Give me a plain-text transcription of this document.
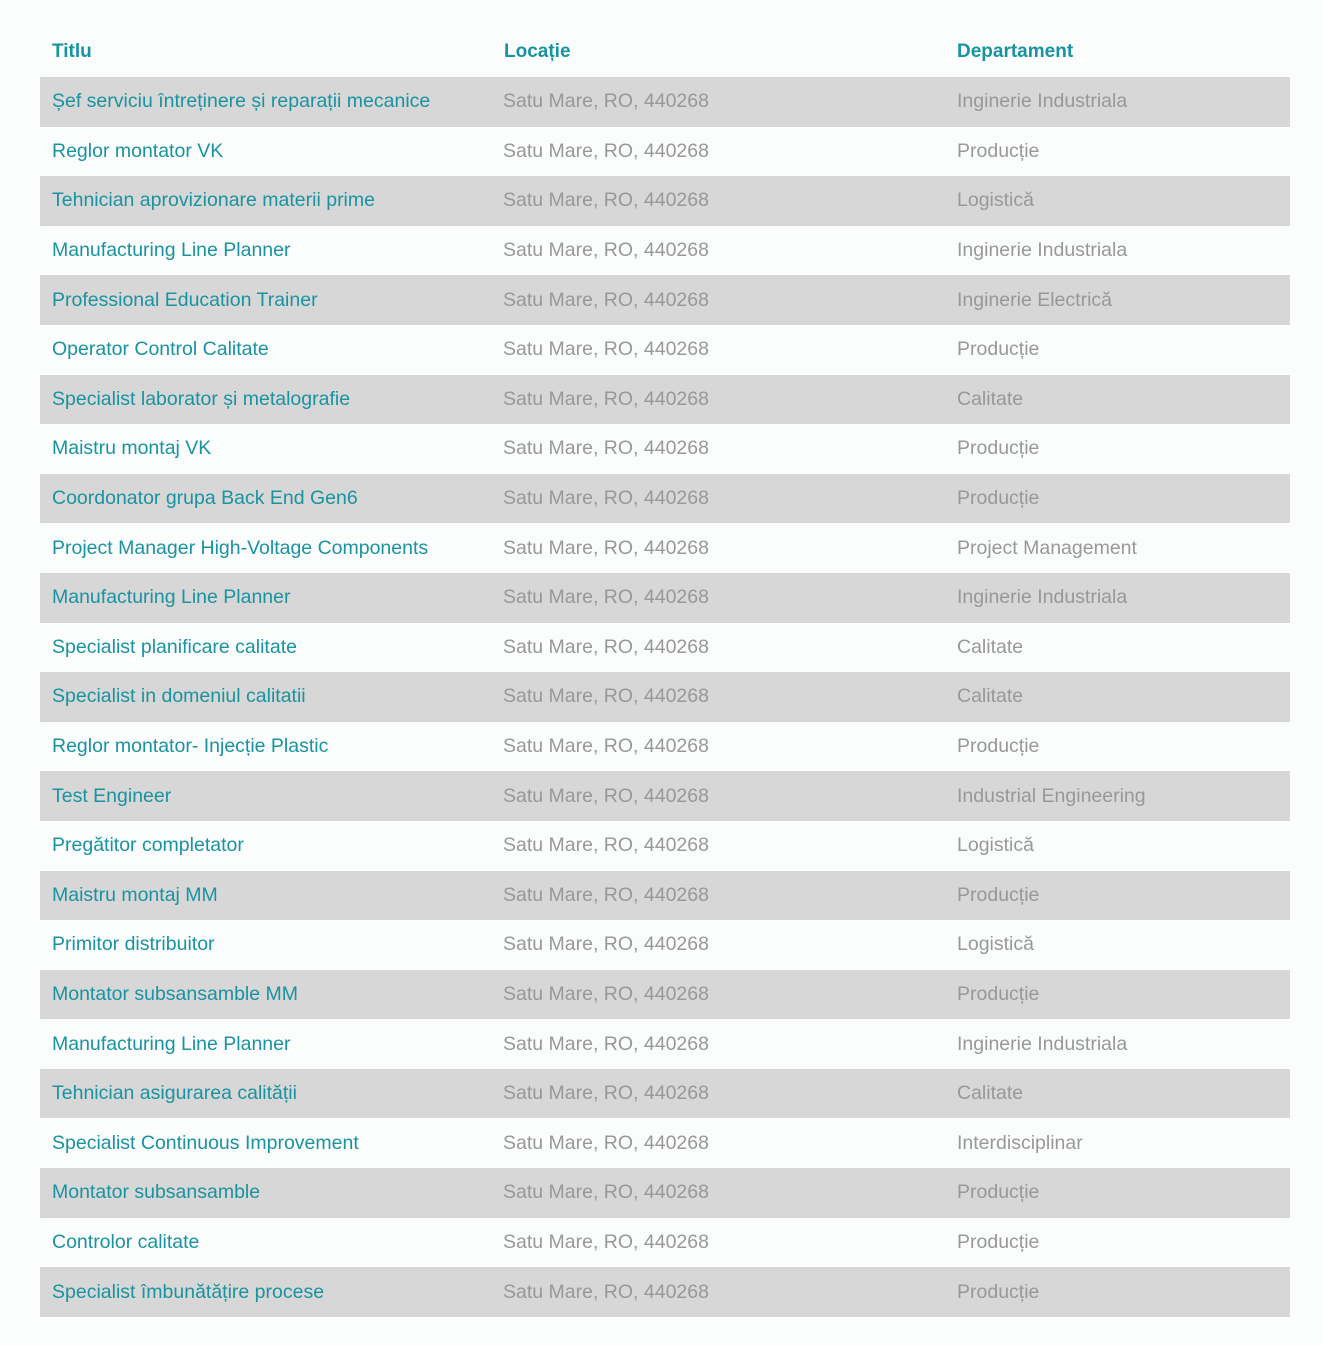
Titlu	Locație	Departament
Șef serviciu întreținere și reparații mecanice	Satu Mare, RO, 440268	Inginerie Industriala
Reglor montator VK	Satu Mare, RO, 440268	Producție
Tehnician aprovizionare materii prime	Satu Mare, RO, 440268	Logistică
Manufacturing Line Planner	Satu Mare, RO, 440268	Inginerie Industriala
Professional Education Trainer	Satu Mare, RO, 440268	Inginerie Electrică
Operator Control Calitate	Satu Mare, RO, 440268	Producție
Specialist laborator și metalografie	Satu Mare, RO, 440268	Calitate
Maistru montaj VK	Satu Mare, RO, 440268	Producție
Coordonator grupa Back End Gen6	Satu Mare, RO, 440268	Producție
Project Manager High-Voltage Components	Satu Mare, RO, 440268	Project Management
Manufacturing Line Planner	Satu Mare, RO, 440268	Inginerie Industriala
Specialist planificare calitate	Satu Mare, RO, 440268	Calitate
Specialist in domeniul calitatii	Satu Mare, RO, 440268	Calitate
Reglor montator- Injecție Plastic	Satu Mare, RO, 440268	Producție
Test Engineer	Satu Mare, RO, 440268	Industrial Engineering
Pregătitor completator	Satu Mare, RO, 440268	Logistică
Maistru montaj MM	Satu Mare, RO, 440268	Producție
Primitor distribuitor	Satu Mare, RO, 440268	Logistică
Montator subsansamble MM	Satu Mare, RO, 440268	Producție
Manufacturing Line Planner	Satu Mare, RO, 440268	Inginerie Industriala
Tehnician asigurarea calității	Satu Mare, RO, 440268	Calitate
Specialist Continuous Improvement	Satu Mare, RO, 440268	Interdisciplinar
Montator subsansamble	Satu Mare, RO, 440268	Producție
Controlor calitate	Satu Mare, RO, 440268	Producție
Specialist îmbunătățire procese	Satu Mare, RO, 440268	Producție
